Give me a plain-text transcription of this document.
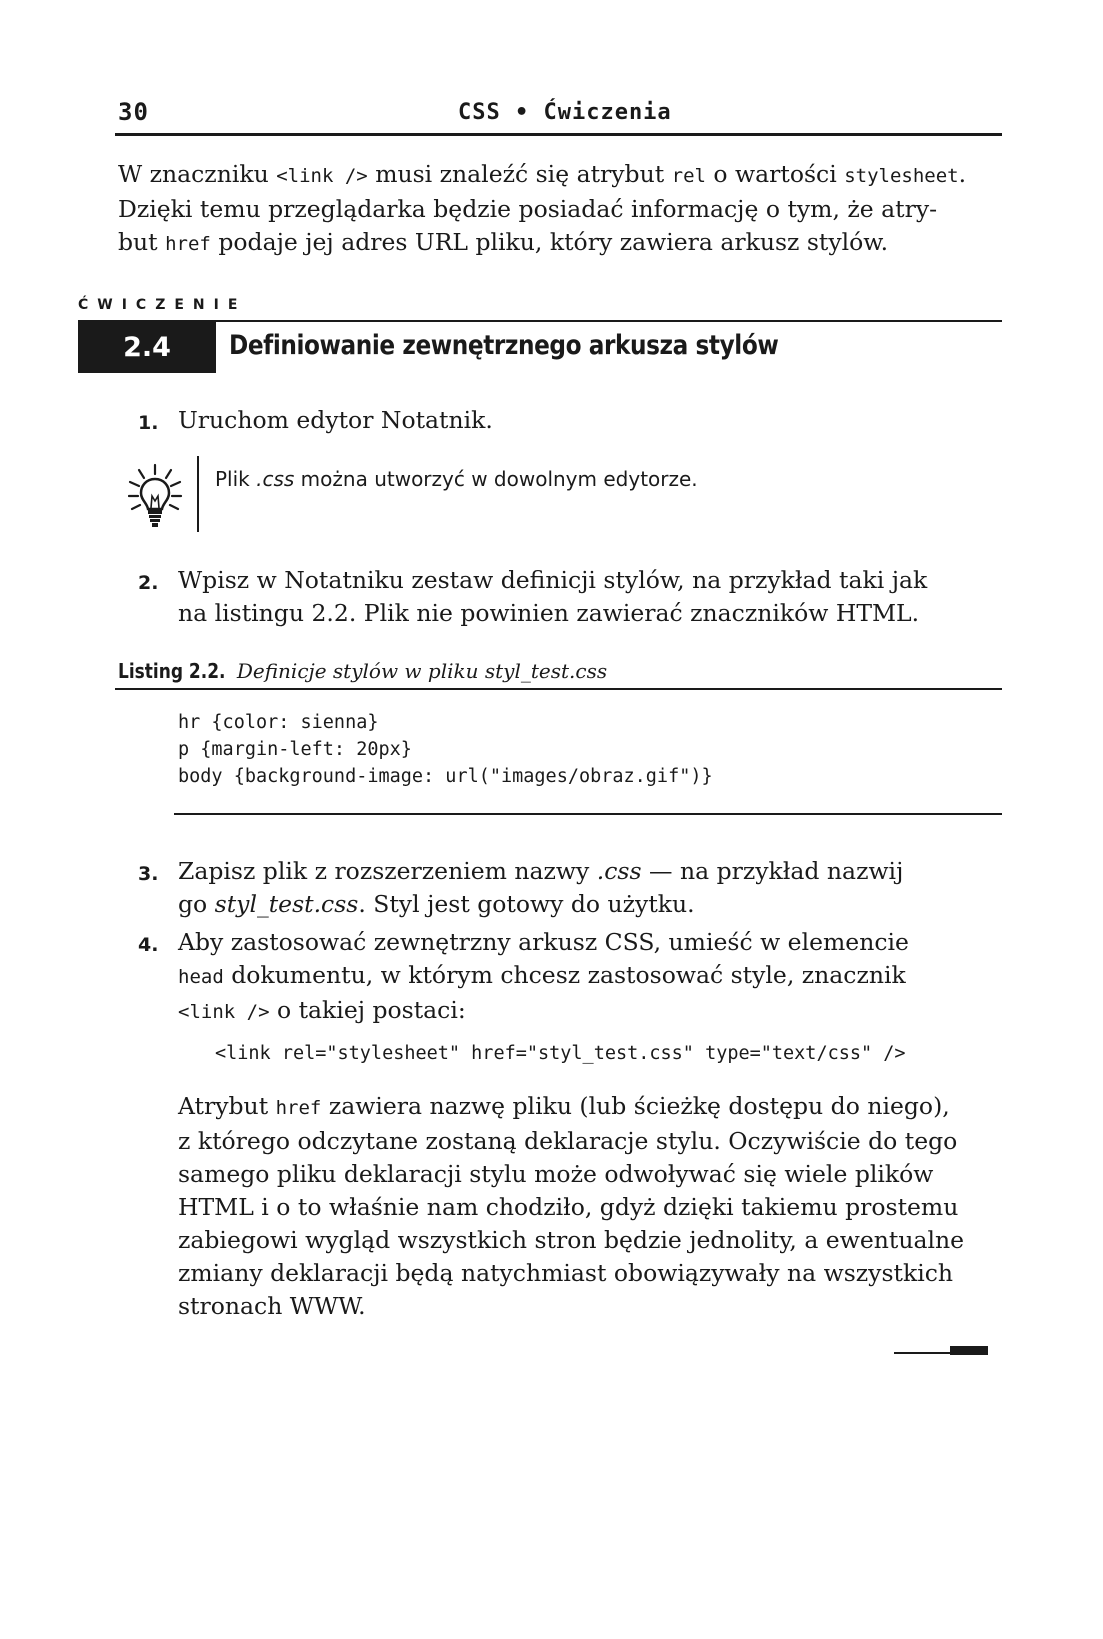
30	CSS • Ćwiczenia
W znaczniku <link /> musi znaleźć się atrybut rel o wartości stylesheet.
Dzięki temu przeglądarka będzie posiadać informację o tym, że atry-
but href podaje jej adres URL pliku, który zawiera arkusz stylów.
ĆWICZENIE
2.4 Definiowanie zewnętrznego arkusza stylów
1. Uruchom edytor Notatnik.
Plik .css można utworzyć w dowolnym edytorze.
2. Wpisz w Notatniku zestaw definicji stylów, na przykład taki jak
na listingu 2.2. Plik nie powinien zawierać znaczników HTML.
Listing 2.2. Definicje stylów w pliku styl_test.css
hr {color: sienna}
p {margin-left: 20px}
body {background-image: url("images/obraz.gif")}
3. Zapisz plik z rozszerzeniem nazwy .css — na przykład nazwij
go styl_test.css. Styl jest gotowy do użytku.
4. Aby zastosować zewnętrzny arkusz CSS, umieść w elemencie
head dokumentu, w którym chcesz zastosować style, znacznik
<link /> o takiej postaci:
<link rel="stylesheet" href="styl_test.css" type="text/css" />
Atrybut href zawiera nazwę pliku (lub ścieżkę dostępu do niego),
z którego odczytane zostaną deklaracje stylu. Oczywiście do tego
samego pliku deklaracji stylu może odwoływać się wiele plików
HTML i o to właśnie nam chodziło, gdyż dzięki takiemu prostemu
zabiegowi wygląd wszystkich stron będzie jednolity, a ewentualne
zmiany deklaracji będą natychmiast obowiązywały na wszystkich
stronach WWW.
